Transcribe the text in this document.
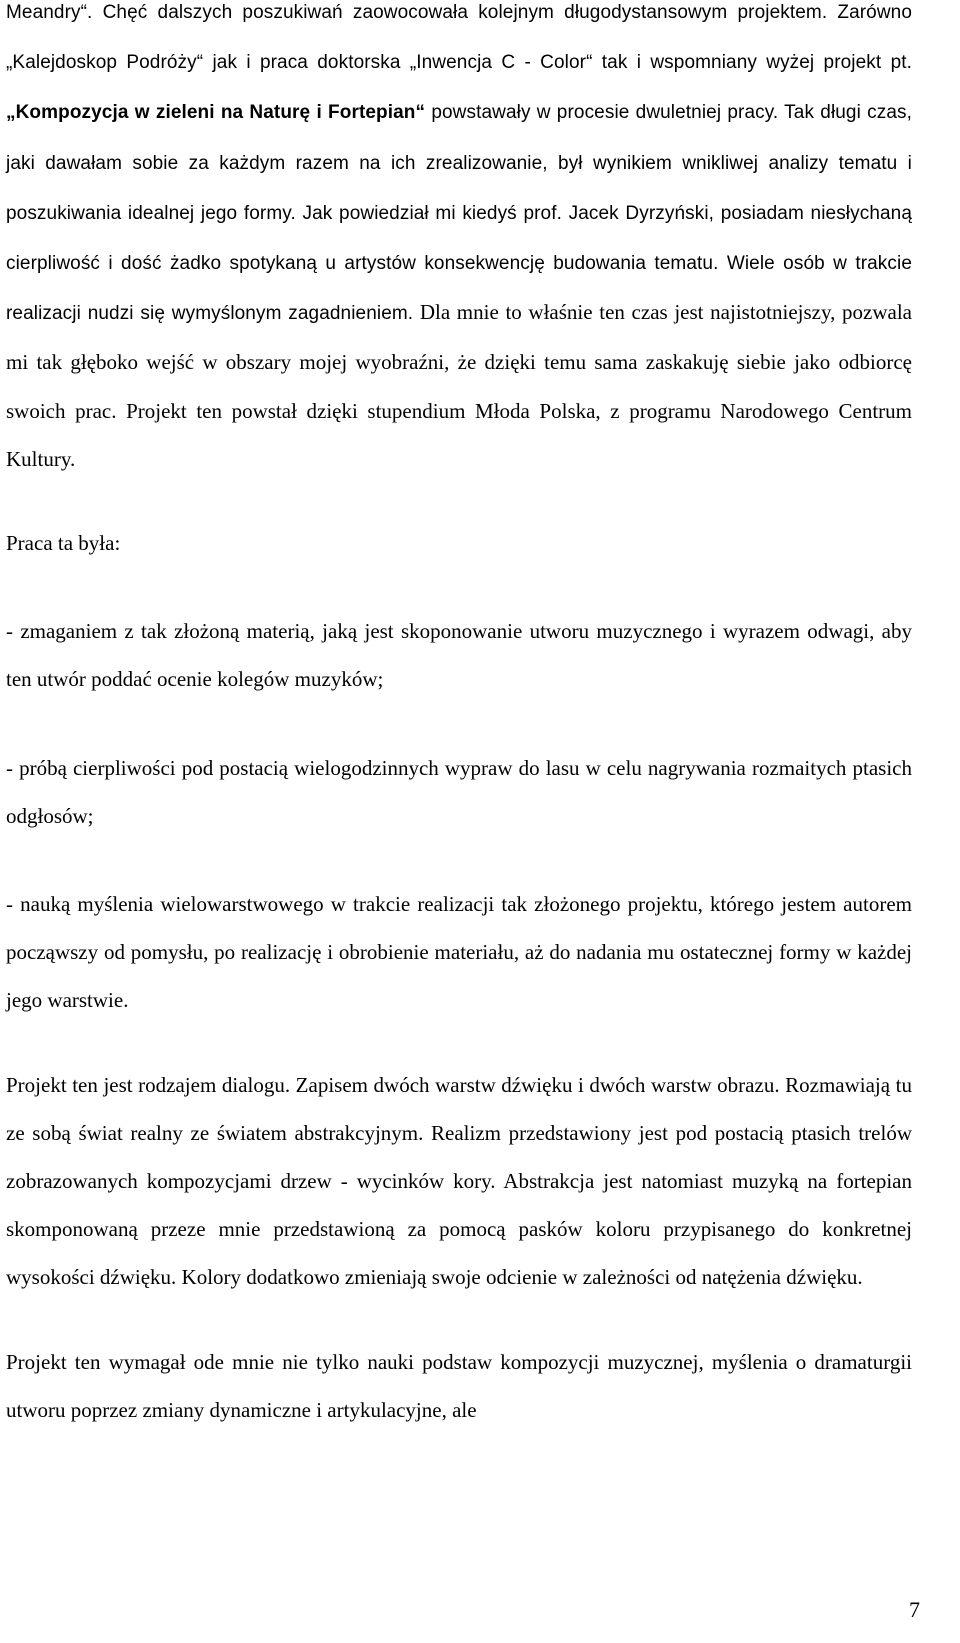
Meandry“. Chęć dalszych poszukiwań zaowocowała kolejnym długodystansowym projektem. Zarówno „Kalejdoskop Podróży“ jak i praca doktorska „Inwencja C - Color“ tak i wspomniany wyżej projekt pt. „Kompozycja w zieleni na Naturę i Fortepian“ powstawały w procesie dwuletniej pracy. Tak długi czas, jaki dawałam sobie za każdym razem na ich zrealizowanie, był wynikiem wnikliwej analizy tematu i poszukiwania idealnej jego formy. Jak powiedział mi kiedyś prof. Jacek Dyrzyński, posiadam niesłychaną cierpliwość i dość żadko spotykaną u artystów konsekwencję budowania tematu. Wiele osób w trakcie realizacji nudzi się wymyślonym zagadnieniem. Dla mnie to właśnie ten czas jest najistotniejszy, pozwala mi tak głęboko wejść w obszary mojej wyobraźni, że dzięki temu sama zaskakuję siebie jako odbiorcę swoich prac. Projekt ten powstał dzięki stupendium Młoda Polska, z programu Narodowego Centrum Kultury.

Praca ta była:

- zmaganiem z tak złożoną materią, jaką jest skoponowanie utworu muzycznego i wyrazem odwagi, aby ten utwór poddać ocenie kolegów muzyków;

- próbą cierpliwości pod postacią wielogodzinnych wypraw do lasu w celu nagrywania rozmaitych ptasich odgłosów;

- nauką myślenia wielowarstwowego w trakcie realizacji tak złożonego projektu, którego jestem autorem począwszy od pomysłu, po realizację i obrobienie materiału, aż do nadania mu ostatecznej formy w każdej jego warstwie.

Projekt ten jest rodzajem dialogu. Zapisem dwóch warstw dźwięku i dwóch warstw obrazu. Rozmawiają tu ze sobą świat realny ze światem abstrakcyjnym. Realizm przedstawiony jest pod postacią ptasich trelów zobrazowanych kompozycjami drzew - wycinków kory. Abstrakcja jest natomiast muzyką na fortepian skomponowaną przeze mnie przedstawioną za pomocą pasków koloru przypisanego do konkretnej wysokości dźwięku. Kolory dodatkowo zmieniają swoje odcienie w zależności od natężenia dźwięku.

Projekt ten wymagał ode mnie nie tylko nauki podstaw kompozycji muzycznej, myślenia o dramaturgii utworu poprzez zmiany dynamiczne i artykulacyjne, ale

7
